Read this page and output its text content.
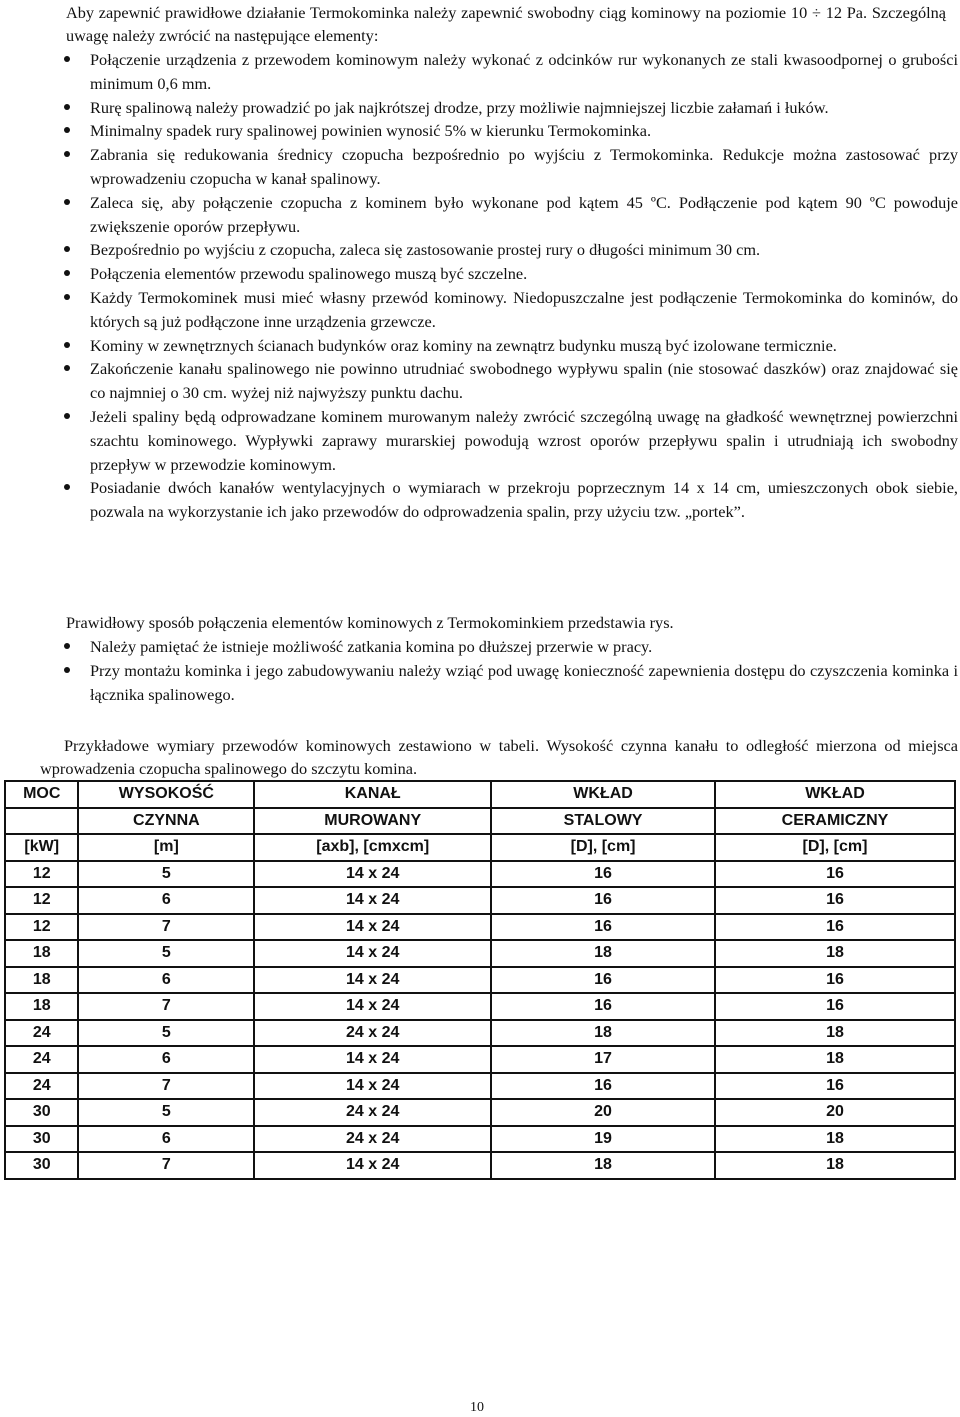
Aby zapewnić prawidłowe działanie Termokominka należy zapewnić swobodny ciąg kominowy na poziomie 10 ÷ 12 Pa. Szczególną uwagę należy zwrócić na następujące elementy:

Połączenie urządzenia z przewodem kominowym należy wykonać z odcinków rur wykonanych ze stali kwasoodpornej o grubości minimum 0,6 mm.
Rurę spalinową należy prowadzić po jak najkrótszej drodze, przy możliwie najmniejszej liczbie załamań i łuków.
Minimalny spadek rury spalinowej powinien wynosić 5% w kierunku Termokominka.
Zabrania się redukowania średnicy czopucha bezpośrednio po wyjściu z Termokominka. Redukcje można zastosować przy wprowadzeniu czopucha w kanał spalinowy.
Zaleca się, aby połączenie czopucha z kominem było wykonane pod kątem 45 ºC. Podłączenie pod kątem 90 ºC powoduje zwiększenie oporów przepływu.
Bezpośrednio po wyjściu z czopucha, zaleca się zastosowanie prostej rury o długości minimum 30 cm.
Połączenia elementów przewodu spalinowego muszą być szczelne.
Każdy Termokominek musi mieć własny przewód kominowy. Niedopuszczalne jest podłączenie Termokominka do kominów, do których są już podłączone inne urządzenia grzewcze.
Kominy w zewnętrznych ścianach budynków oraz kominy na zewnątrz budynku muszą być izolowane termicznie.
Zakończenie kanału spalinowego nie powinno utrudniać swobodnego wypływu spalin (nie stosować daszków) oraz znajdować się co najmniej o 30 cm. wyżej niż najwyższy punktu dachu.
Jeżeli spaliny będą odprowadzane kominem murowanym należy zwrócić szczególną uwagę na gładkość wewnętrznej powierzchni szachtu kominowego. Wypływki zaprawy murarskiej powodują wzrost oporów przepływu spalin i utrudniają ich swobodny przepływ w przewodzie kominowym.
Posiadanie dwóch kanałów wentylacyjnych o wymiarach w przekroju poprzecznym 14 x 14 cm, umieszczonych obok siebie, pozwala na wykorzystanie ich jako przewodów do odprowadzenia spalin, przy użyciu tzw. „portek”.

Prawidłowy sposób połączenia elementów kominowych z Termokominkiem przedstawia rys.

Należy pamiętać że istnieje możliwość zatkania komina po dłuższej przerwie w pracy.
Przy montażu kominka i jego zabudowywaniu należy wziąć pod uwagę konieczność zapewnienia dostępu do czyszczenia kominka i łącznika spalinowego.

Przykładowe wymiary przewodów kominowych zestawiono w tabeli. Wysokość czynna kanału to odległość mierzona od miejsca wprowadzenia czopucha spalinowego do szczytu komina.

MOC	WYSOKOŚĆ	KANAŁ	WKŁAD	WKŁAD
	CZYNNA	MUROWANY	STALOWY	CERAMICZNY
[kW]	[m]	[axb], [cmxcm]	[D], [cm]	[D], [cm]
12	5	14 x 24	16	16
12	6	14 x 24	16	16
12	7	14 x 24	16	16
18	5	14 x 24	18	18
18	6	14 x 24	16	16
18	7	14 x 24	16	16
24	5	24 x 24	18	18
24	6	14 x 24	17	18
24	7	14 x 24	16	16
30	5	24 x 24	20	20
30	6	24 x 24	19	18
30	7	14 x 24	18	18
10
